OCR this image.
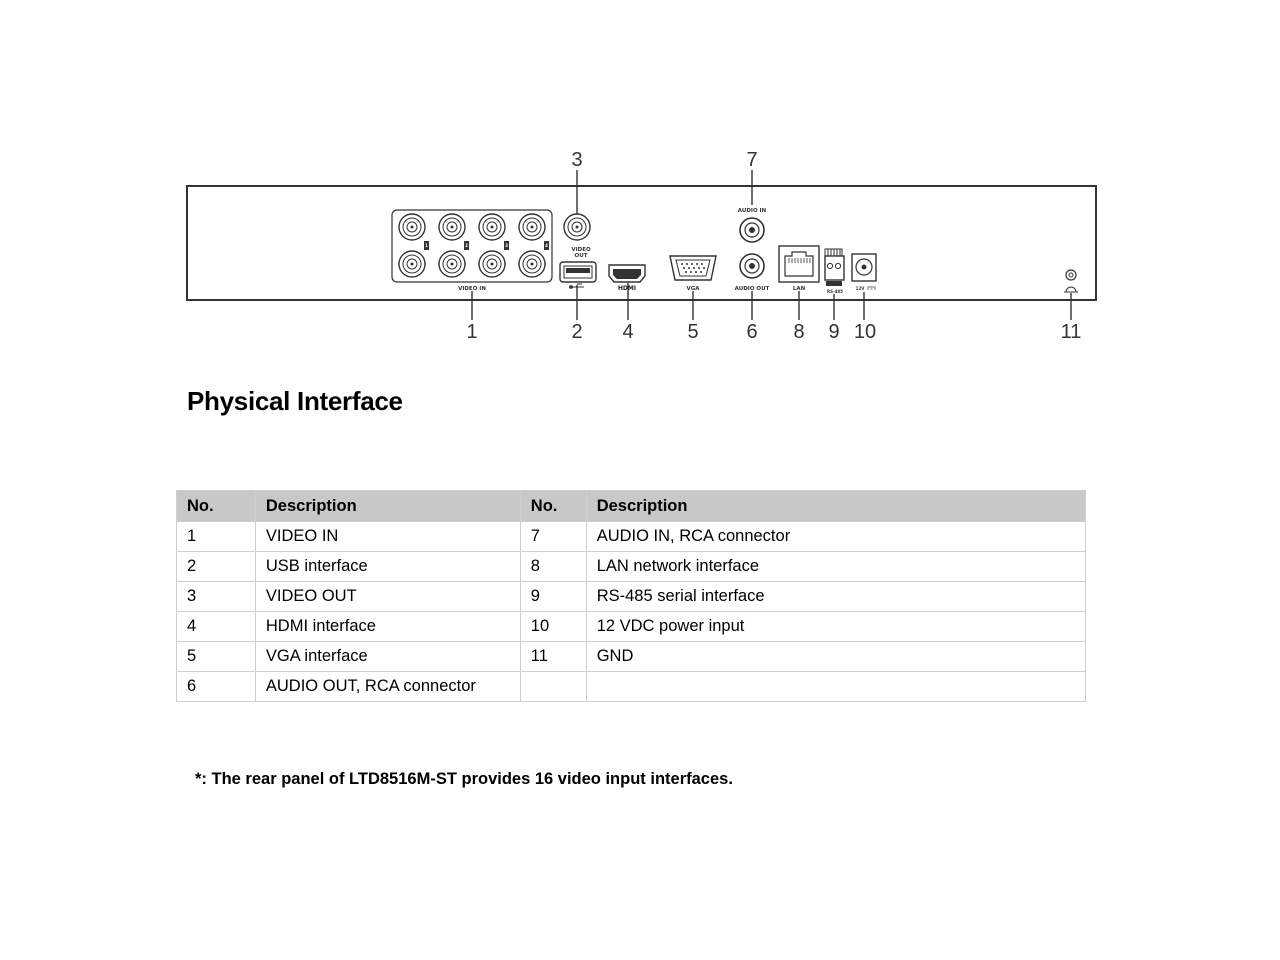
1	2	3	4
VIDEO IN
VIDEO
OUT
HDMI	VGA
AUDIO IN
AUDIO OUT	LAN	RS-485
12V
1	2
3
4	5 6
7
8 9 10	11
Physical Interface
No.	Description	No.	Description
1	VIDEO IN	7	AUDIO IN, RCA connector
2	USB interface	8	LAN network interface
3	VIDEO OUT	9	RS-485 serial interface
4	HDMI interface	10	12 VDC power input
5	VGA interface	11	GND
6	AUDIO OUT, RCA connector		

*: The rear panel of LTD8516M-ST provides 16 video input interfaces.
